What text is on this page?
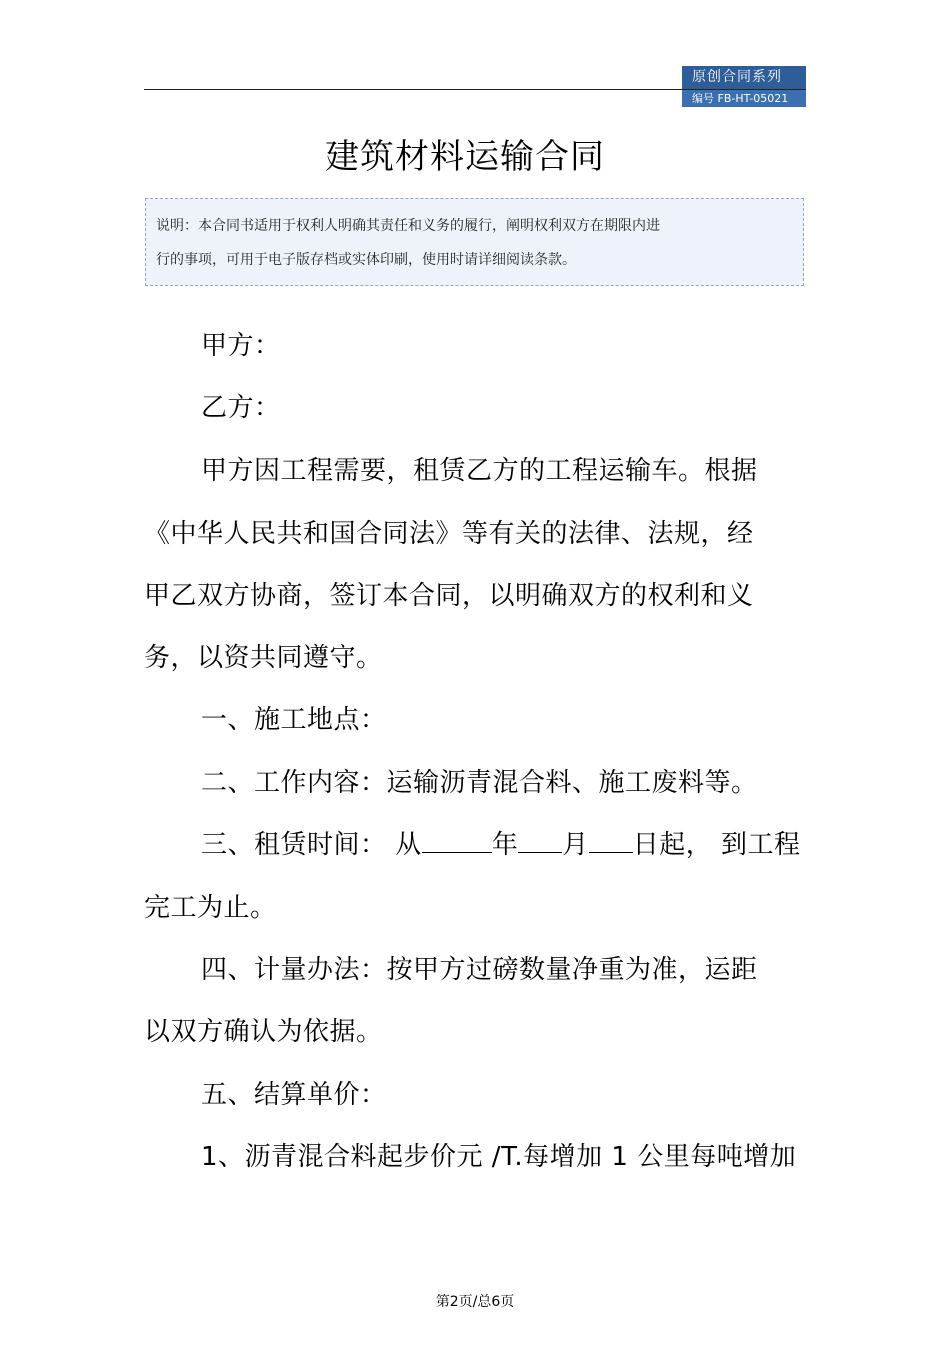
原创合同系列
编号 FB-HT-05021
建筑材料运输合同

说明：本合同书适用于权利人明确其责任和义务的履行，阐明权利双方在期限内进

行的事项，可用于电子版存档或实体印刷，使用时请详细阅读条款。

甲方：
乙方：
甲方因工程需要，租赁乙方的工程运输车。根据
《中华人民共和国合同法》等有关的法律、法规，经
甲乙双方协商，签订本合同，以明确双方的权利和义
务，以资共同遵守。
一、施工地点：
二、工作内容：运输沥青混合料、施工废料等。
三、租赁时间： 从	年 月 日起， 到工程
完工为止。
四、计量办法：按甲方过磅数量净重为准，运距
以双方确认为依据。
五、结算单价：
1、沥青混合料起步价元 /T.每增加 1 公里每吨增加
第2页/总6页
